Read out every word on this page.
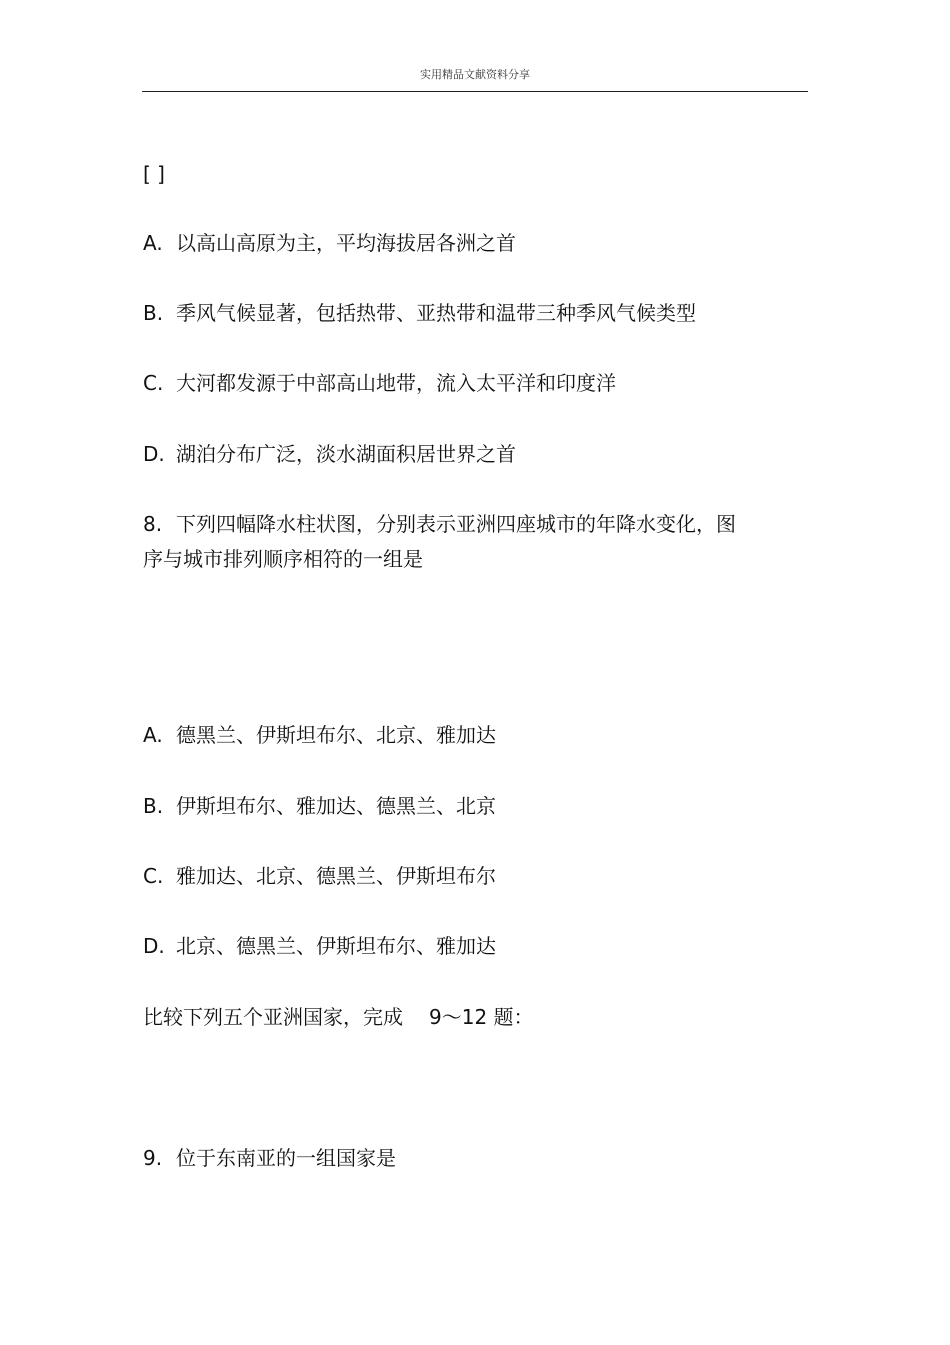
实用精品文献资料分享
[ ]
A. 以高山高原为主，平均海拔居各洲之首
B. 季风气候显著，包括热带、亚热带和温带三种季风气候类型
C. 大河都发源于中部高山地带，流入太平洋和印度洋
D. 湖泊分布广泛，淡水湖面积居世界之首
8. 下列四幅降水柱状图，分别表示亚洲四座城市的年降水变化，图
序与城市排列顺序相符的一组是
A. 德黑兰、伊斯坦布尔、北京、雅加达
B. 伊斯坦布尔、雅加达、德黑兰、北京
C. 雅加达、北京、德黑兰、伊斯坦布尔
D. 北京、德黑兰、伊斯坦布尔、雅加达
比较下列五个亚洲国家，完成 9～12 题：
9. 位于东南亚的一组国家是
